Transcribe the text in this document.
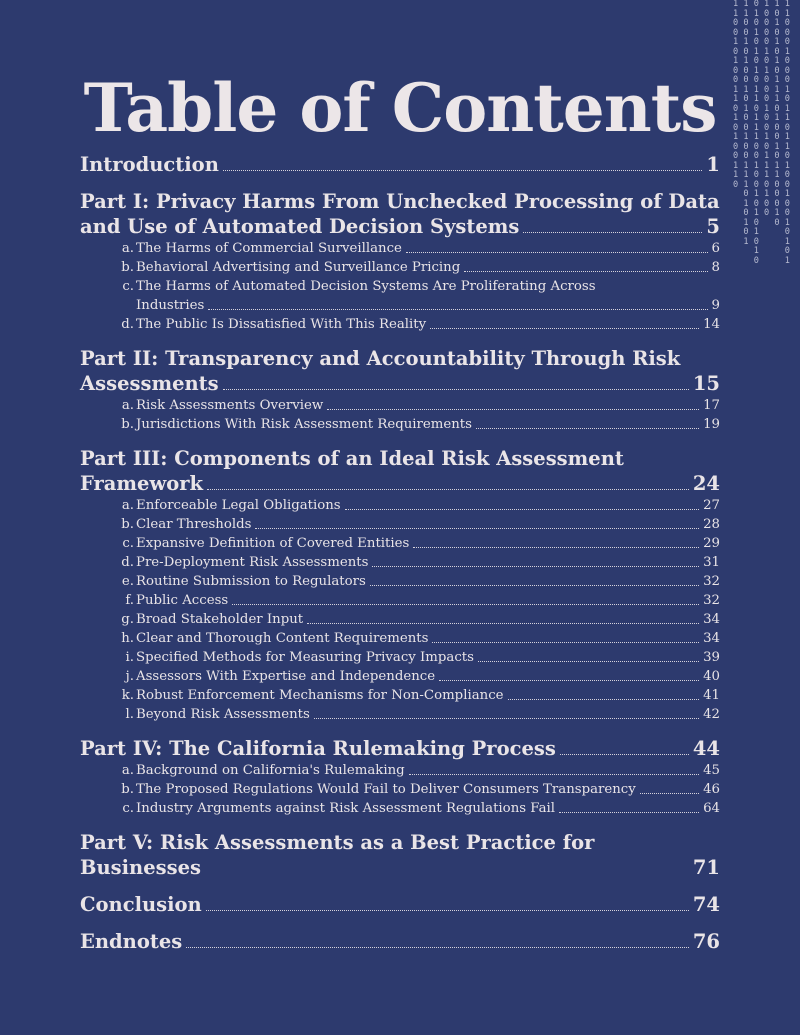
1 1 0 1 1 1
1 1 1 0 0 1
0 0 0 0 1 0
0 0 1 0 0 0
1 1 0 0 1 0
0 0 1 1 0 1
1 1 0 0 1 0
0 0 1 1 0 0
0 0 0 0 1 0
1 1 1 0 1 1
1 0 1 0 1 0
0 1 0 1 0 1
1 0 1 0 1 1
0 0 1 0 0 0
1 1 1 1 0 1
0 0 0 0 1 1
0 0 0 1 0 0
1 1 1 1 1 1
1 1 0 1 1 0
0 1 0 0 0 0
0 1 1 0 1
1 0 0 0 0
0 1 0 1 0
1 0   0 1
0 1     0
1 0     1
1     0
0     1
Table of Contents
Introduction	1
Part I: Privacy Harms From Unchecked Processing of Data
and Use of Automated Decision Systems	5
a. The Harms of Commercial Surveillance	6
b. Behavioral Advertising and Surveillance Pricing	8
c. The Harms of Automated Decision Systems Are Proliferating Across
Industries	9
d. The Public Is Dissatisfied With This Reality	14
Part II: Transparency and Accountability Through Risk
Assessments	15
a. Risk Assessments Overview	17
b. Jurisdictions With Risk Assessment Requirements	19
Part III: Components of an Ideal Risk Assessment
Framework	24
a. Enforceable Legal Obligations	27
b. Clear Thresholds	28
c. Expansive Definition of Covered Entities	29
d. Pre-Deployment Risk Assessments	31
e. Routine Submission to Regulators	32
f. Public Access	32
g. Broad Stakeholder Input	34
h. Clear and Thorough Content Requirements	34
i. Specified Methods for Measuring Privacy Impacts	39
j. Assessors With Expertise and Independence	40
k. Robust Enforcement Mechanisms for Non-Compliance	41
l. Beyond Risk Assessments	42
Part IV: The California Rulemaking Process	44
a. Background on California's Rulemaking	45
b. The Proposed Regulations Would Fail to Deliver Consumers Transparency	46
c. Industry Arguments against Risk Assessment Regulations Fail	64
Part V: Risk Assessments as a Best Practice for Businesses	71
Conclusion	74
Endnotes	76
